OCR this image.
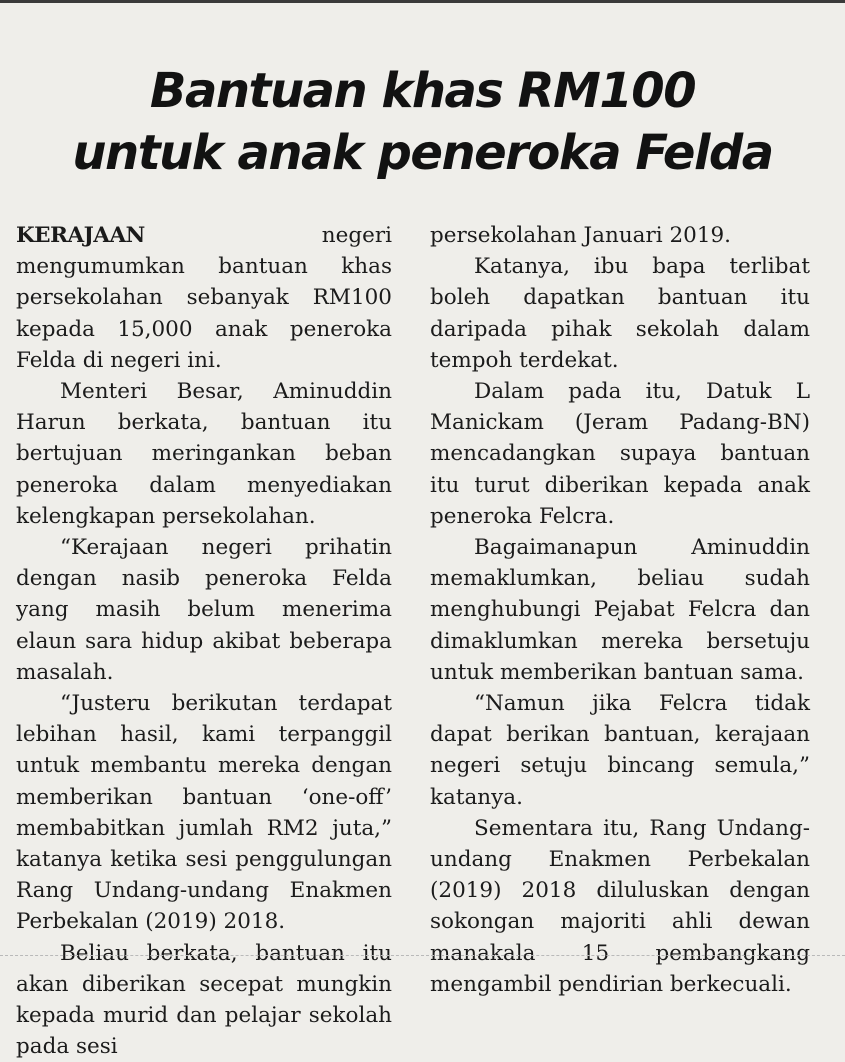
Bantuan khas RM100
untuk anak peneroka Felda

KERAJAAN negeri mengumumkan bantuan khas persekolahan sebanyak RM100 kepada 15,000 anak peneroka Felda di negeri ini.

Menteri Besar, Aminuddin Harun berkata, bantuan itu bertujuan meringankan beban peneroka dalam menyediakan kelengkapan persekolahan.

“Kerajaan negeri prihatin dengan nasib peneroka Felda yang masih belum menerima elaun sara hidup akibat beberapa masalah.

“Justeru berikutan terdapat lebihan hasil, kami terpanggil untuk membantu mereka dengan memberikan bantuan ‘one-off’ membabitkan jumlah RM2 juta,” katanya ketika sesi penggulungan Rang Undang-undang Enakmen Perbekalan (2019) 2018.

Beliau berkata, bantuan itu akan diberikan secepat mungkin kepada murid dan pelajar sekolah pada sesi

persekolahan Januari 2019.

Katanya, ibu bapa terlibat boleh dapatkan bantuan itu daripada pihak sekolah dalam tempoh terdekat.

Dalam pada itu, Datuk L Manickam (Jeram Padang-BN) mencadangkan supaya bantuan itu turut diberikan kepada anak peneroka Felcra.

Bagaimanapun Aminuddin memaklumkan, beliau sudah menghubungi Pejabat Felcra dan dimaklumkan mereka bersetuju untuk memberikan bantuan sama.

“Namun jika Felcra tidak dapat berikan bantuan, kerajaan negeri setuju bincang semula,” katanya.

Sementara itu, Rang Undang-undang Enakmen Perbekalan (2019) 2018 diluluskan dengan sokongan majoriti ahli dewan manakala 15 pembangkang mengambil pendirian berkecuali.
